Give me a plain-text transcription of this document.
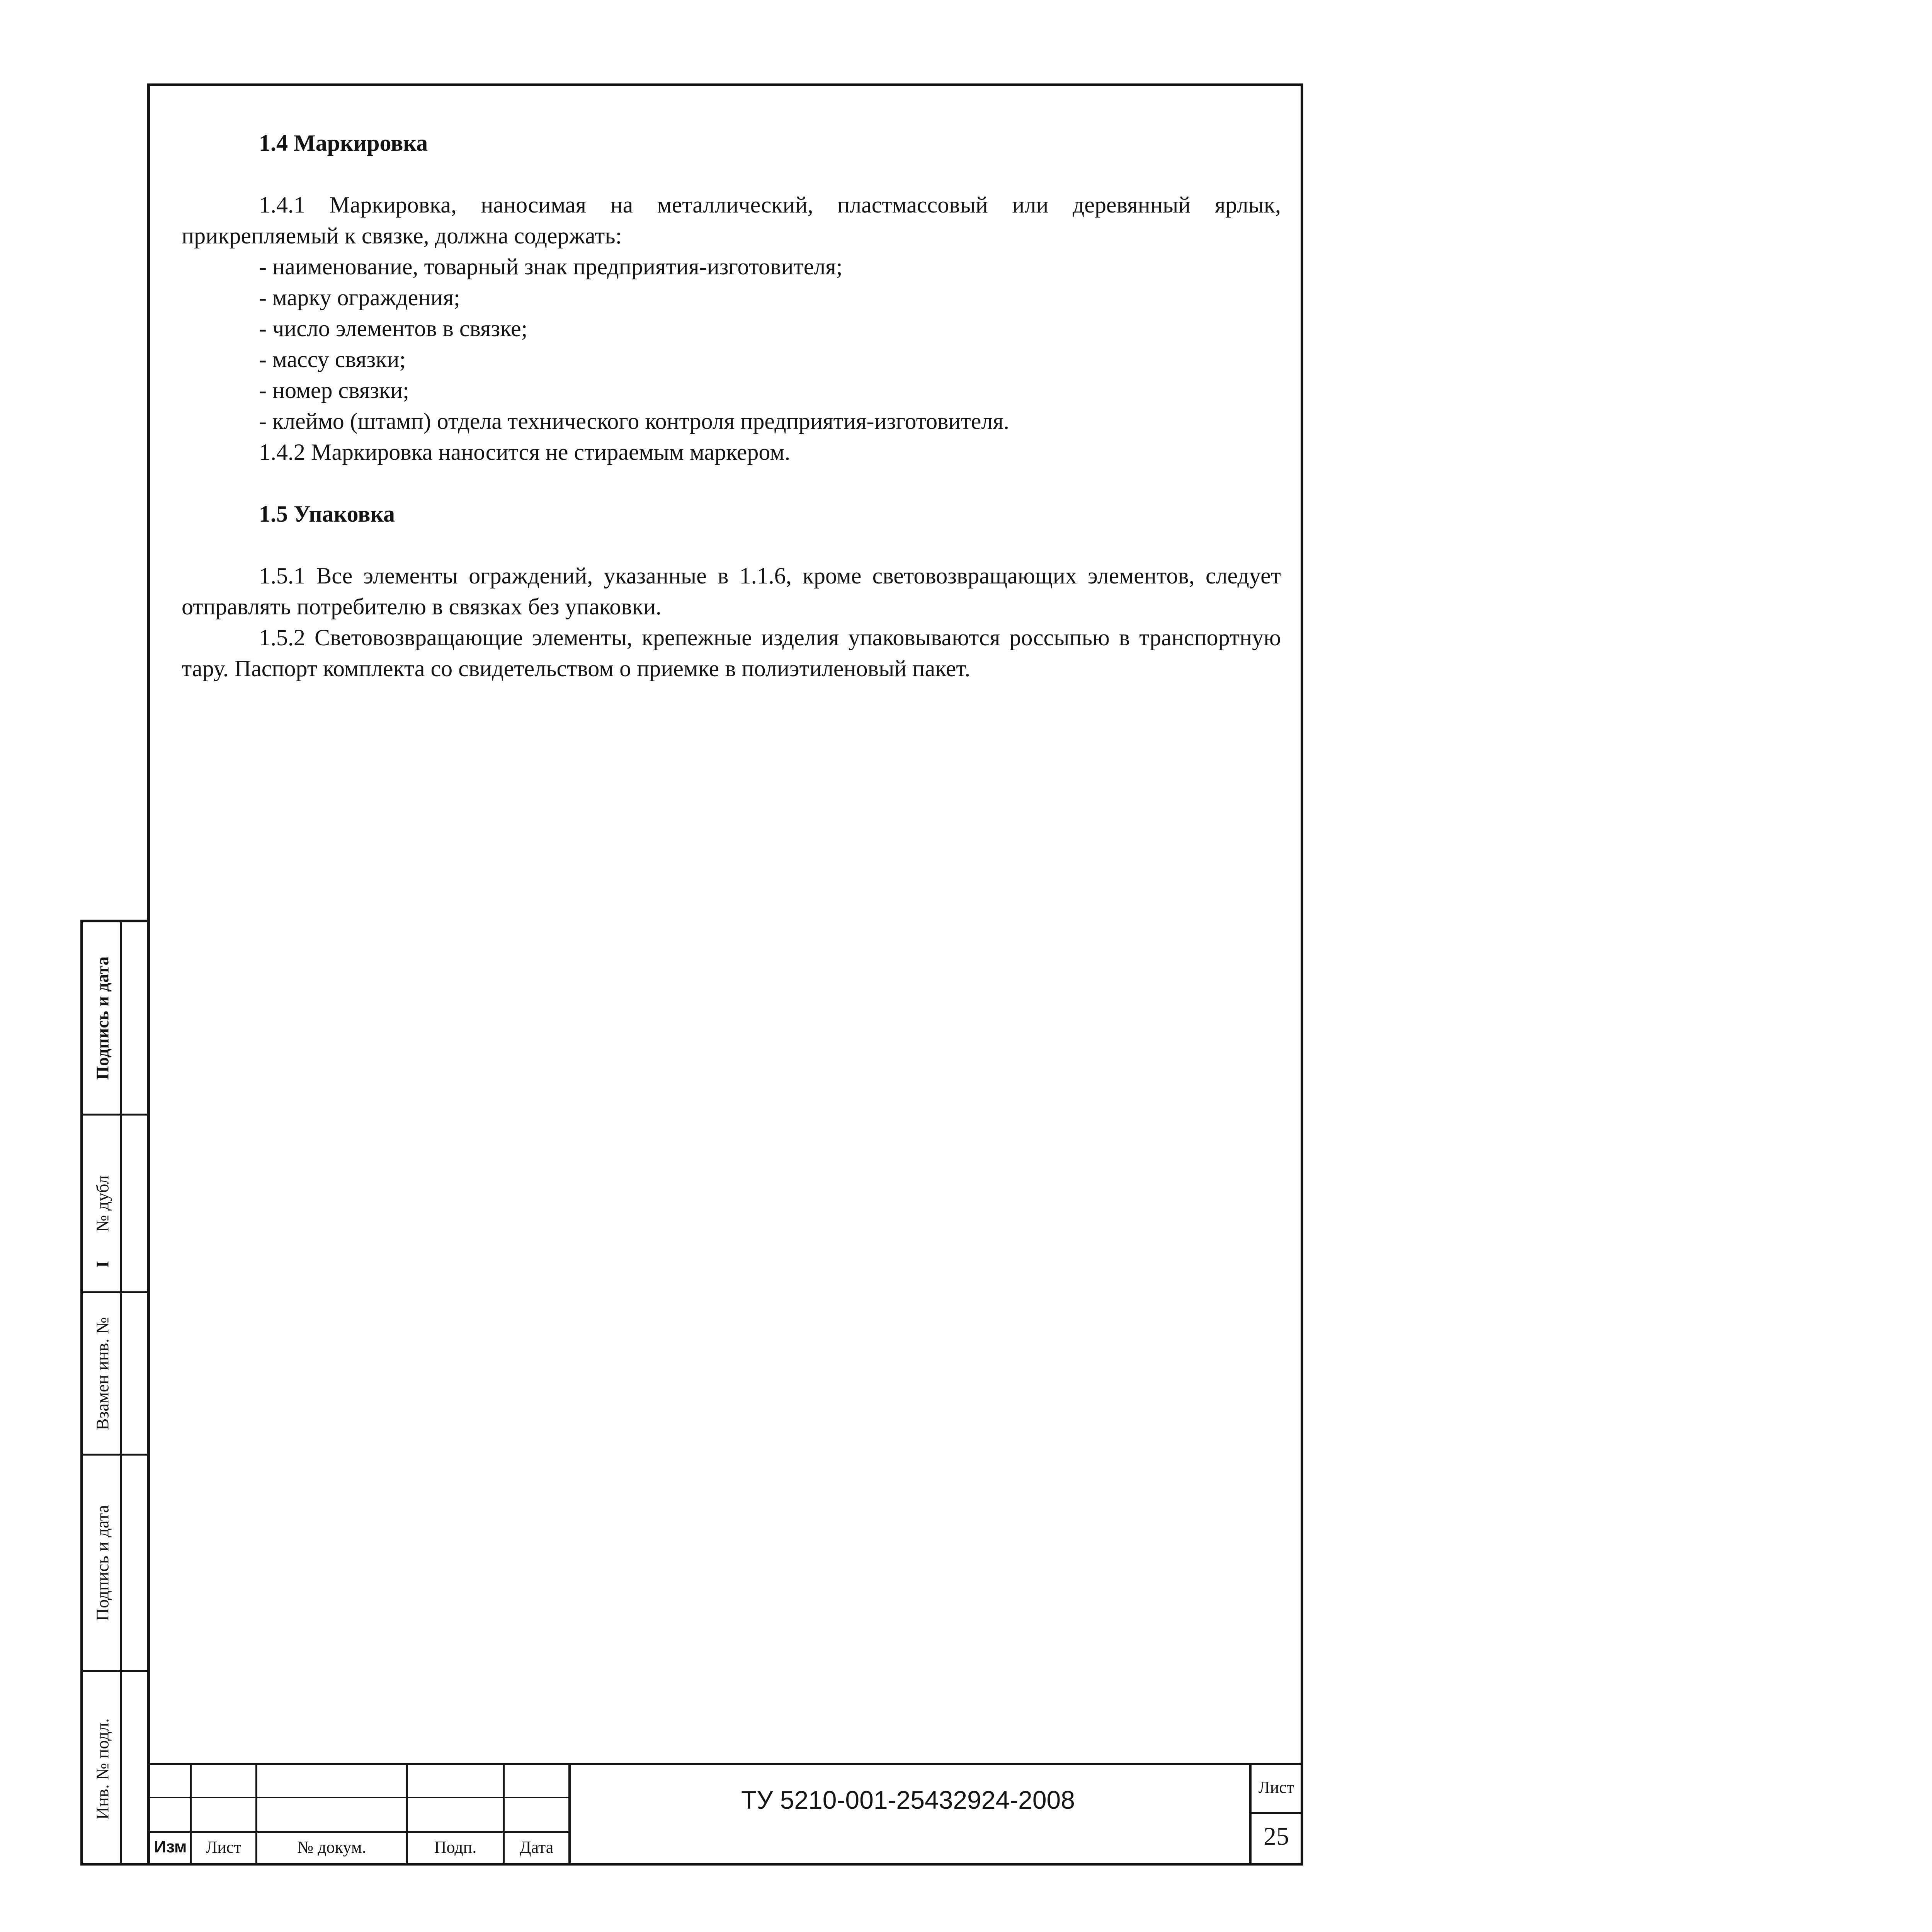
1.4 Маркировка

1.4.1 Маркировка, наносимая на металлический, пластмассовый или деревянный ярлык, прикрепляемый к связке, должна содержать:

- наименование, товарный знак предприятия-изготовителя;

- марку ограждения;

- число элементов в связке;

- массу связки;

- номер связки;

- клеймо (штамп) отдела технического контроля предприятия-изготовителя.

1.4.2 Маркировка наносится не стираемым маркером.

1.5 Упаковка

1.5.1 Все элементы ограждений, указанные в 1.1.6, кроме световозвращающих элементов, следует отправлять потребителю в связках без упаковки.

1.5.2 Световозвращающие элементы, крепежные изделия упаковываются россыпью в транспортную тару. Паспорт комплекта со свидетельством о приемке в полиэтиленовый пакет.

Подпись и дата
№ дубл
I
Взамен инв. №
Подпись и дата
Инв. № подл.
Изм	Лист	№ докум.	Подп.	Дата
ТУ 5210-001-25432924-2008	Лист
25
